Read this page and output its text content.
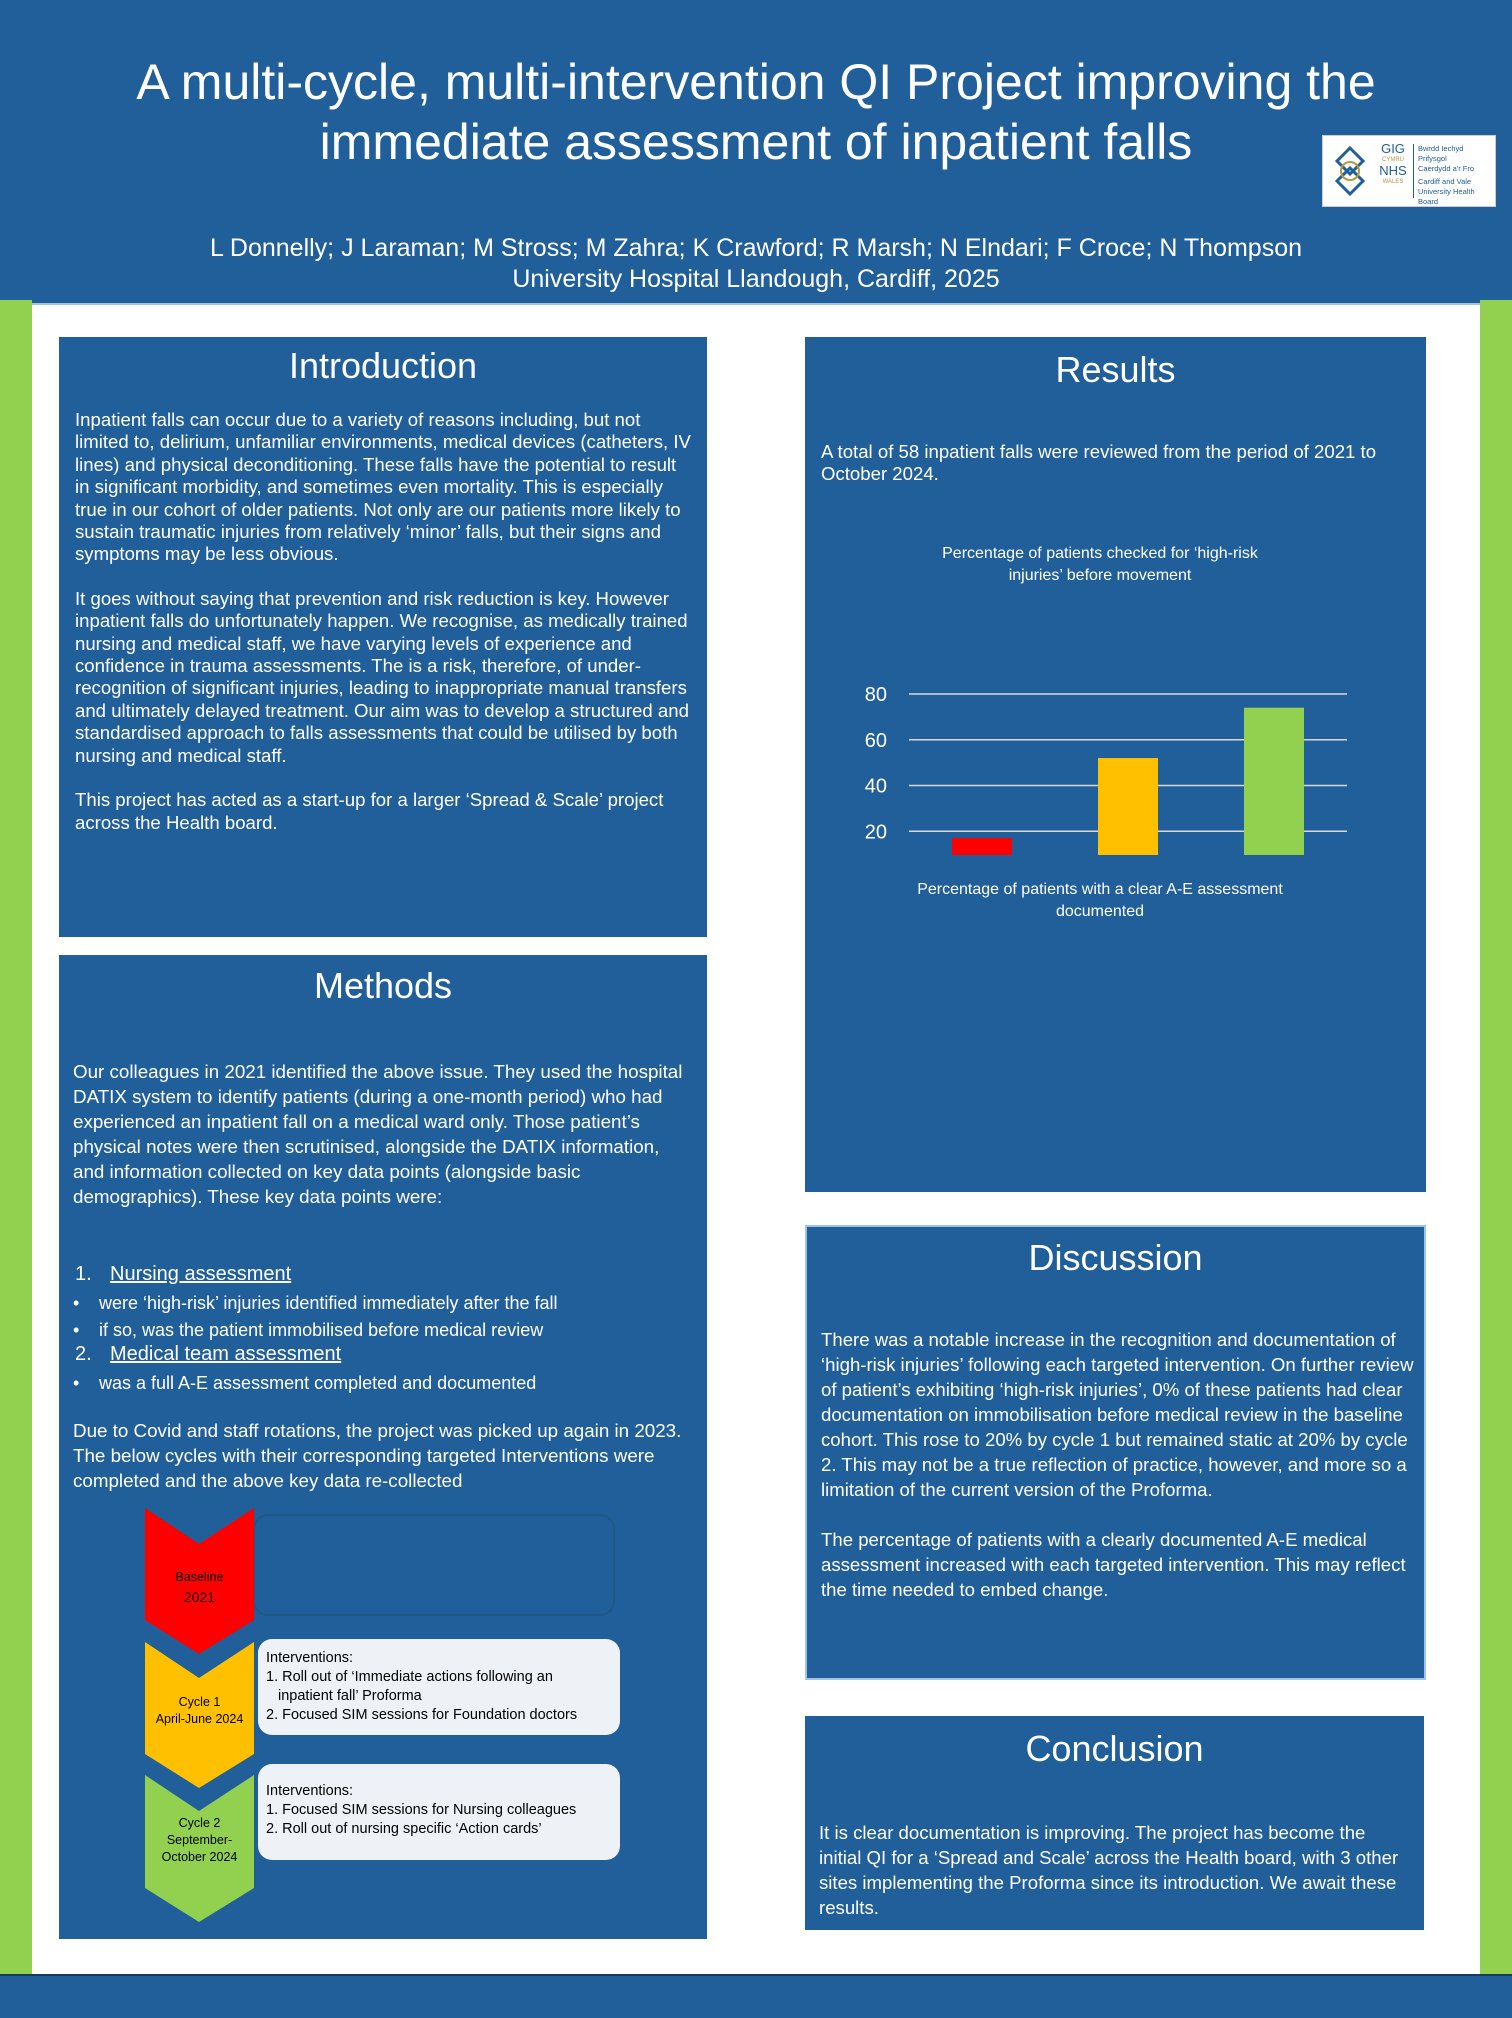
A multi-cycle, multi-intervention QI Project improving the
immediate assessment of inpatient falls	GIG
CYMRU
NHS
WALES
Bwrdd Iechyd Prifysgol
Caerdydd a'r Fro
Cardiff and Vale
University Health Board
L Donnelly; J Laraman; M Stross; M Zahra; K Crawford; R Marsh; N Elndari; F Croce; N Thompson
University Hospital Llandough, Cardiff, 2025
Introduction

Inpatient falls can occur due to a variety of reasons including, but not limited to, delirium, unfamiliar environments, medical devices (catheters, IV lines) and physical deconditioning. These falls have the potential to result in significant morbidity, and sometimes even mortality. This is especially true in our cohort of older patients. Not only are our patients more likely to sustain traumatic injuries from relatively ‘minor’ falls, but their signs and symptoms may be less obvious.

It goes without saying that prevention and risk reduction is key. However inpatient falls do unfortunately happen. We recognise, as medically trained nursing and medical staff, we have varying levels of experience and confidence in trauma assessments. The is a risk, therefore, of under-recognition of significant injuries, leading to inappropriate manual transfers and ultimately delayed treatment. Our aim was to develop a structured and standardised approach to falls assessments that could be utilised by both nursing and medical staff.

This project has acted as a start-up for a larger ‘Spread & Scale’ project across the Health board.

Methods
Our colleagues in 2021 identified the above issue. They used the hospital DATIX system to identify patients (during a one-month period) who had experienced an inpatient fall on a medical ward only. Those patient’s physical notes were then scrutinised, alongside the DATIX information, and information collected on key data points (alongside basic demographics). These key data points were:
1. Nursing assessment
• were ‘high-risk’ injuries identified immediately after the fall
• if so, was the patient immobilised before medical review
2. Medical team assessment
• was a full A-E assessment completed and documented
Due to Covid and staff rotations, the project was picked up again in 2023. The below cycles with their corresponding targeted Interventions were completed and the above key data re-collected
Baseline
2021
Cycle 1
April-June 2024
Cycle 2
September-
October 2024
Interventions:
1. Roll out of ‘Immediate actions following an
inpatient fall’ Proforma
2. Focused SIM sessions for Foundation doctors
Interventions:
1. Focused SIM sessions for Nursing colleagues
2. Roll out of nursing specific ‘Action cards’
Results
A total of 58 inpatient falls were reviewed from the period of 2021 to October 2024.
Percentage of patients checked for ‘high-risk
injuries’ before movement
20
40
60
80
Percentage of patients with a clear A-E assessment
documented
Discussion

There was a notable increase in the recognition and documentation of ‘high-risk injuries’ following each targeted intervention. On further review of patient’s exhibiting ‘high-risk injuries’, 0% of these patients had clear documentation on immobilisation before medical review in the baseline cohort. This rose to 20% by cycle 1 but remained static at 20% by cycle 2. This may not be a true reflection of practice, however, and more so a limitation of the current version of the Proforma.

The percentage of patients with a clearly documented A-E medical assessment increased with each targeted intervention. This may reflect the time needed to embed change.

Conclusion
It is clear documentation is improving. The project has become the initial QI for a ‘Spread and Scale’ across the Health board, with 3 other sites implementing the Proforma since its introduction. We await these results.
